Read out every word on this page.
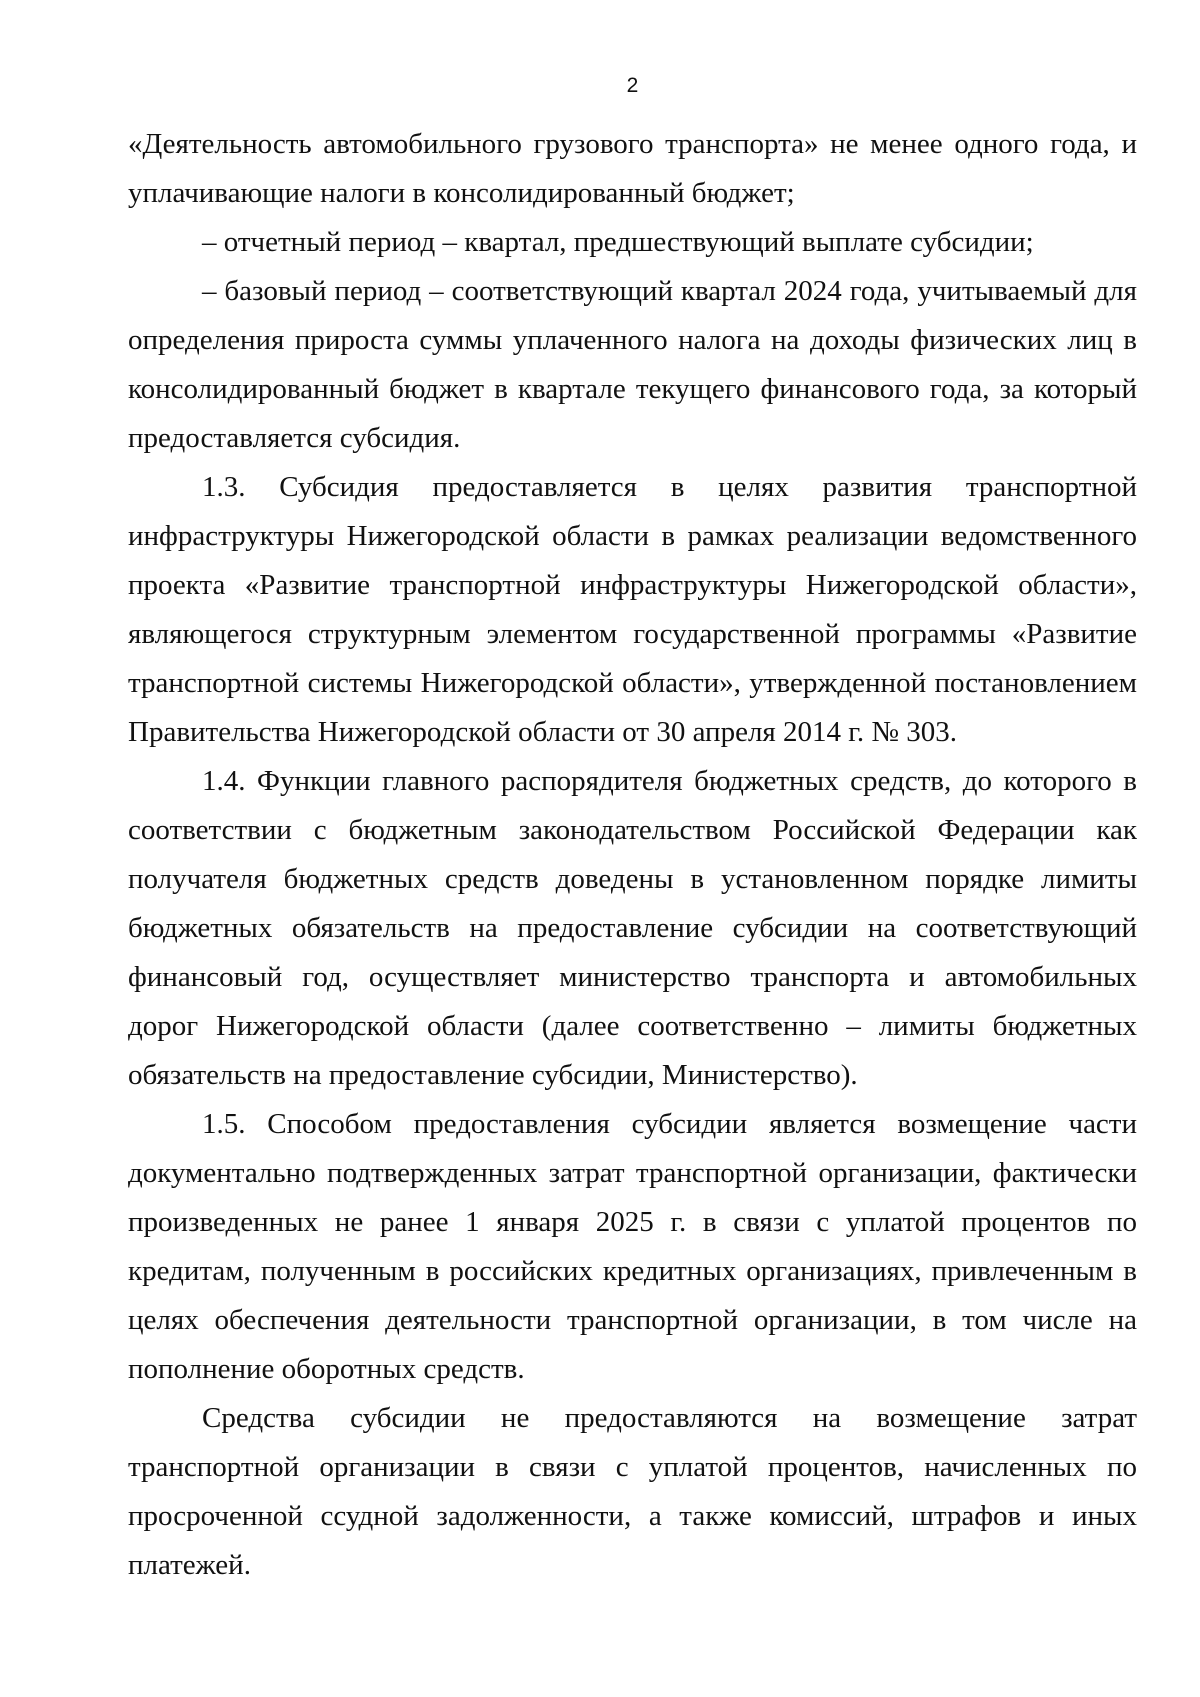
2

«Деятельность автомобильного грузового транспорта» не менее одного года, и уплачивающие налоги в консолидированный бюджет;

– отчетный период – квартал, предшествующий выплате субсидии;

– базовый период – соответствующий квартал 2024 года, учитываемый для определения прироста суммы уплаченного налога на доходы физических лиц в консолидированный бюджет в квартале текущего финансового года, за который предоставляется субсидия.

1.3. Субсидия предоставляется в целях развития транспортной инфраструктуры Нижегородской области в рамках реализации ведомственного проекта «Развитие транспортной инфраструктуры Нижегородской области», являющегося структурным элементом государственной программы «Развитие транспортной системы Нижегородской области», утвержденной постановлением Правительства Нижегородской области от 30 апреля 2014 г. № 303.

1.4. Функции главного распорядителя бюджетных средств, до которого в соответствии с бюджетным законодательством Российской Федерации как получателя бюджетных средств доведены в установленном порядке лимиты бюджетных обязательств на предоставление субсидии на соответствующий финансовый год, осуществляет министерство транспорта и автомобильных дорог Нижегородской области (далее соответственно – лимиты бюджетных обязательств на предоставление субсидии, Министерство).

1.5. Способом предоставления субсидии является возмещение части документально подтвержденных затрат транспортной организации, фактически произведенных не ранее 1 января 2025 г. в связи с уплатой процентов по кредитам, полученным в российских кредитных организациях, привлеченным в целях обеспечения деятельности транспортной организации, в том числе на пополнение оборотных средств.

Средства субсидии не предоставляются на возмещение затрат транспортной организации в связи с уплатой процентов, начисленных по просроченной ссудной задолженности, а также комиссий, штрафов и иных платежей.
